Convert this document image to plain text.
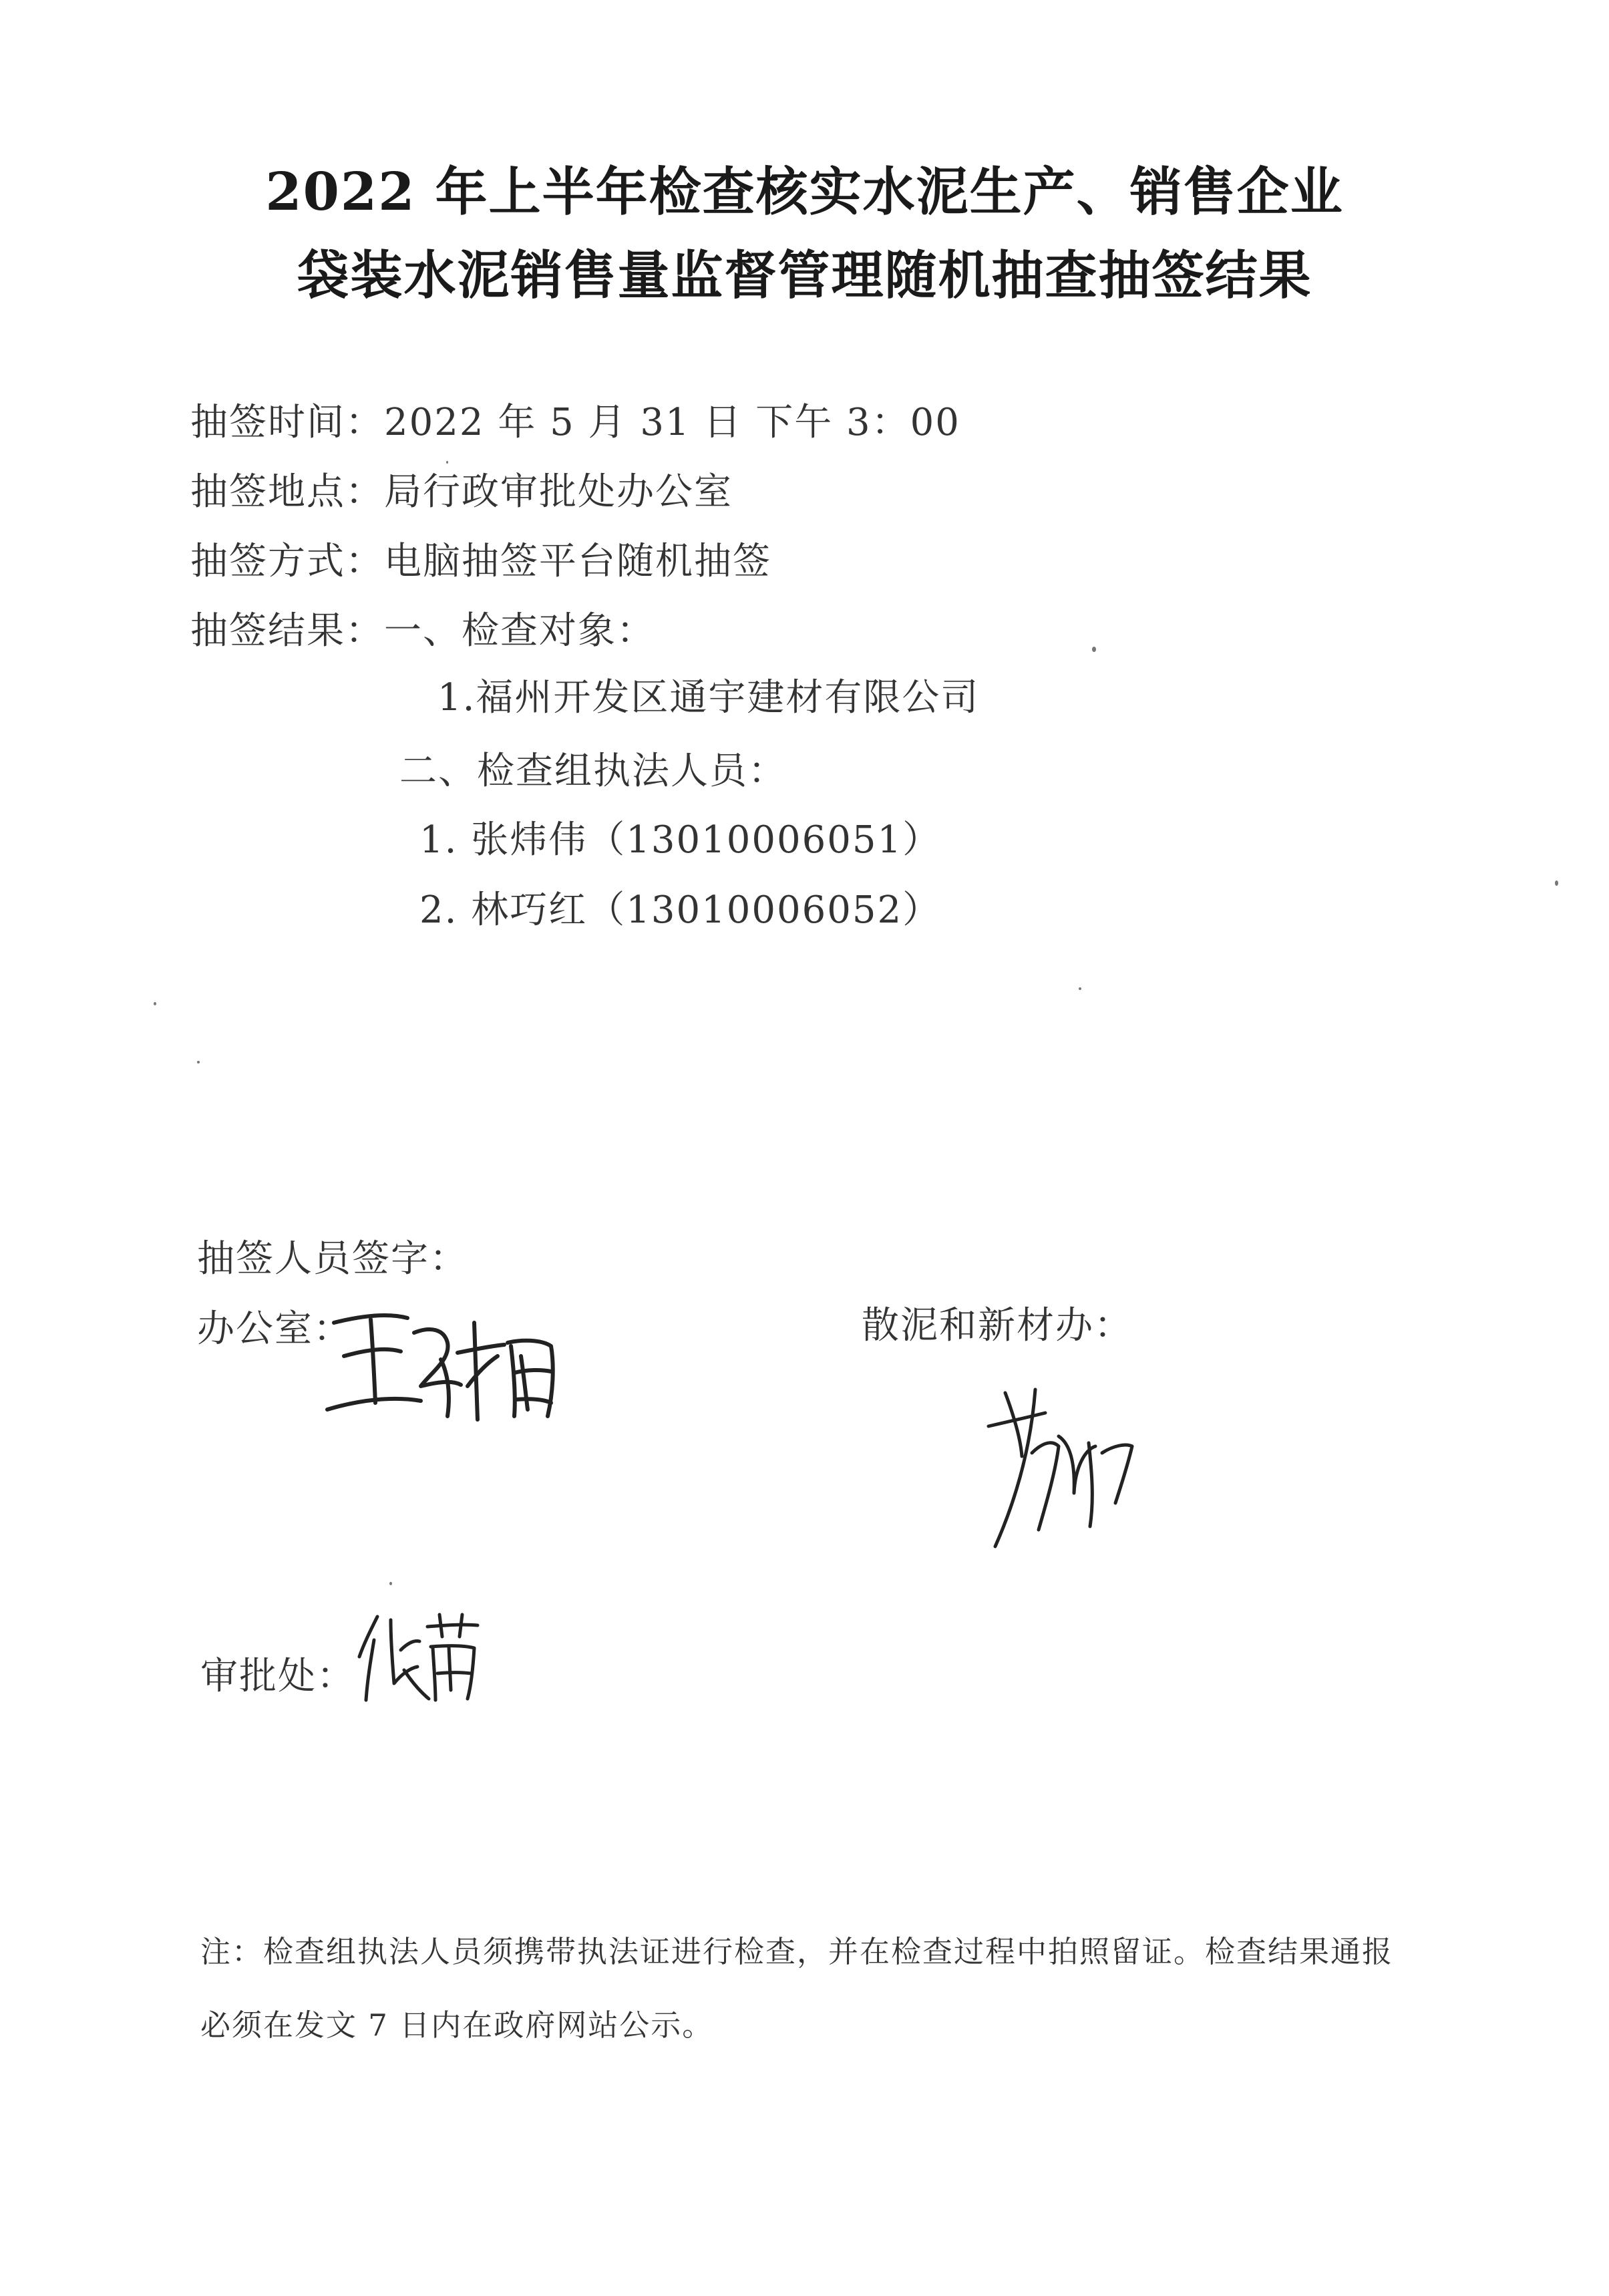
2022 年上半年检查核实水泥生产、销售企业
袋装水泥销售量监督管理随机抽查抽签结果
抽签时间：2022 年 5 月 31 日 下午 3：00
抽签地点：局行政审批处办公室
抽签方式：电脑抽签平台随机抽签
抽签结果：一、检查对象：
1.福州开发区通宇建材有限公司
二、检查组执法人员：
1. 张炜伟（13010006051）
2. 林巧红（13010006052）
抽签人员签字：
办公室：	散泥和新材办：
审批处：
注：检查组执法人员须携带执法证进行检查，并在检查过程中拍照留证。检查结果通报
必须在发文 7 日内在政府网站公示。
